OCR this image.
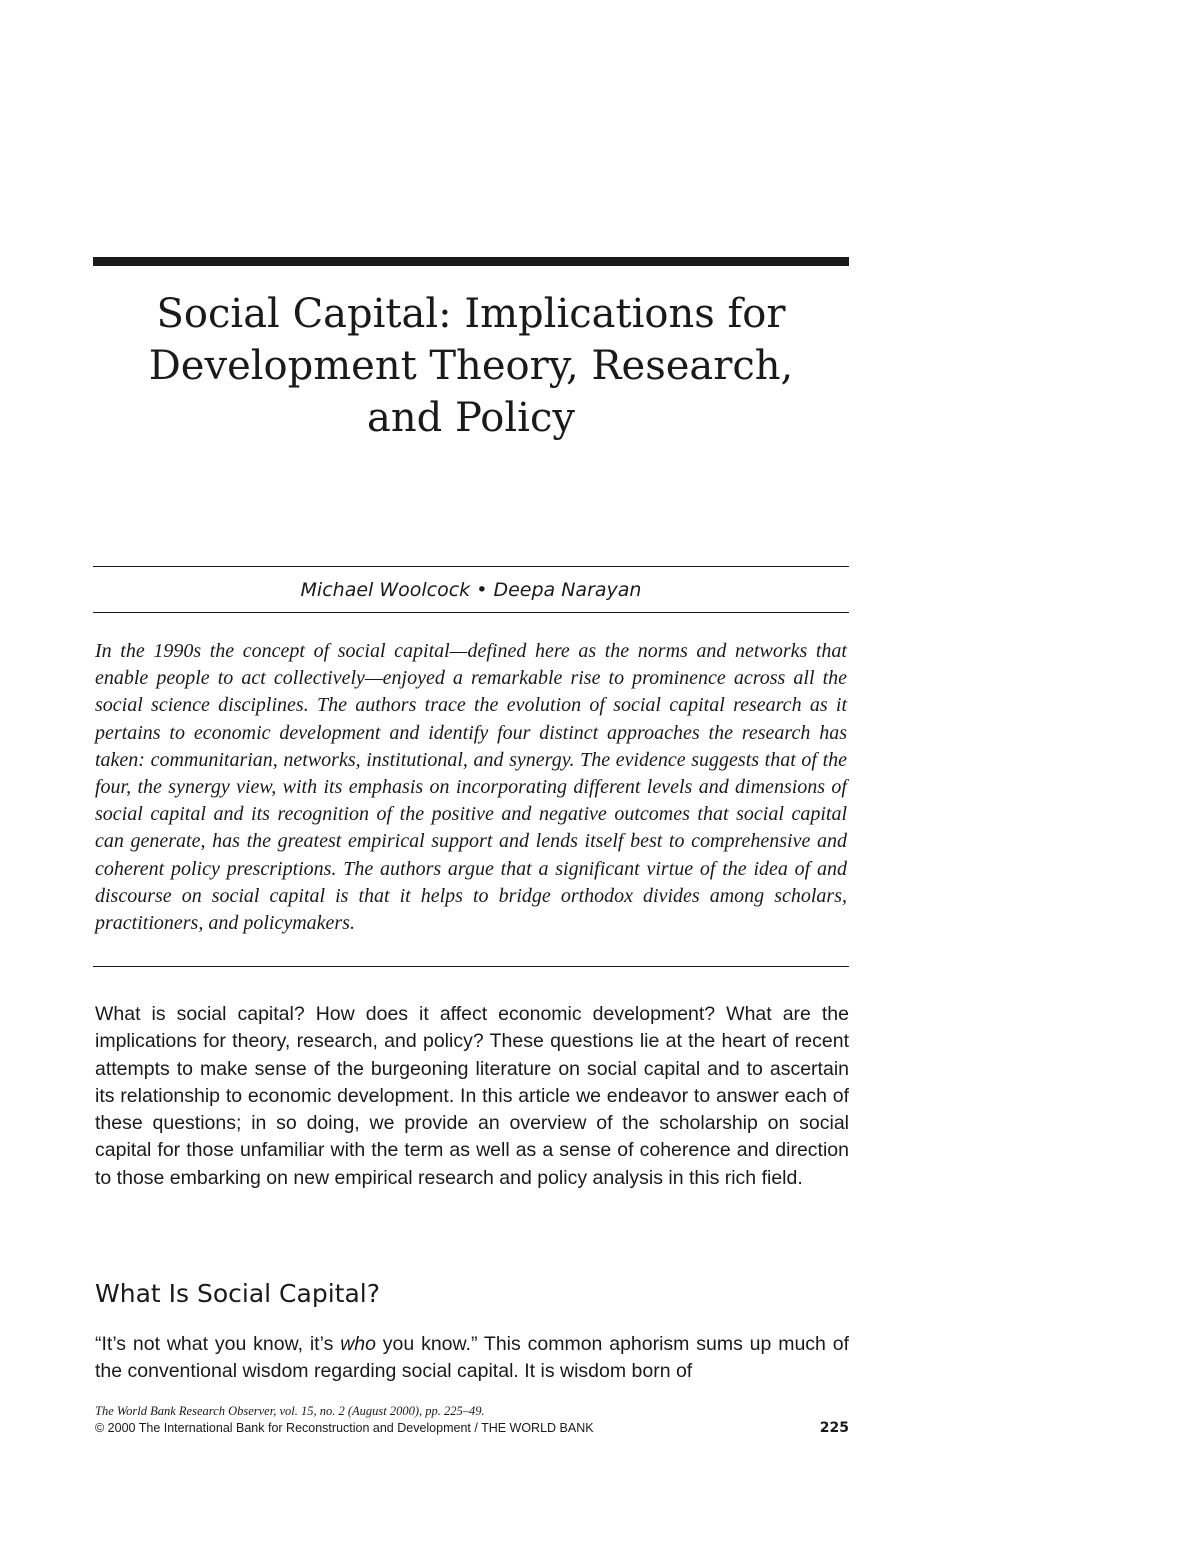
Social Capital: Implications for
Development Theory, Research,
and Policy
Michael Woolcock • Deepa Narayan

In the 1990s the concept of social capital—defined here as the norms and networks that enable people to act collectively—enjoyed a remarkable rise to prominence across all the social science disciplines. The authors trace the evolution of social capital research as it pertains to economic development and identify four distinct approaches the research has taken: communitarian, networks, institutional, and synergy. The evidence suggests that of the four, the synergy view, with its emphasis on incorporating different levels and dimensions of social capital and its recognition of the positive and negative outcomes that social capital can generate, has the greatest empirical support and lends itself best to comprehensive and coherent policy prescriptions. The authors argue that a significant virtue of the idea of and discourse on social capital is that it helps to bridge orthodox divides among scholars, practitioners, and policymakers.

What is social capital? How does it affect economic development? What are the implications for theory, research, and policy? These questions lie at the heart of recent attempts to make sense of the burgeoning literature on social capital and to ascertain its relationship to economic development. In this article we endeavor to answer each of these questions; in so doing, we provide an overview of the scholarship on social capital for those unfamiliar with the term as well as a sense of coherence and direction to those embarking on new empirical research and policy analysis in this rich field.

What Is Social Capital?

“It’s not what you know, it’s who you know.” This common aphorism sums up much of the conventional wisdom regarding social capital. It is wisdom born of

The World Bank Research Observer, vol. 15, no. 2 (August 2000), pp. 225–49.
© 2000 The International Bank for Reconstruction and Development / THE WORLD BANK	225
